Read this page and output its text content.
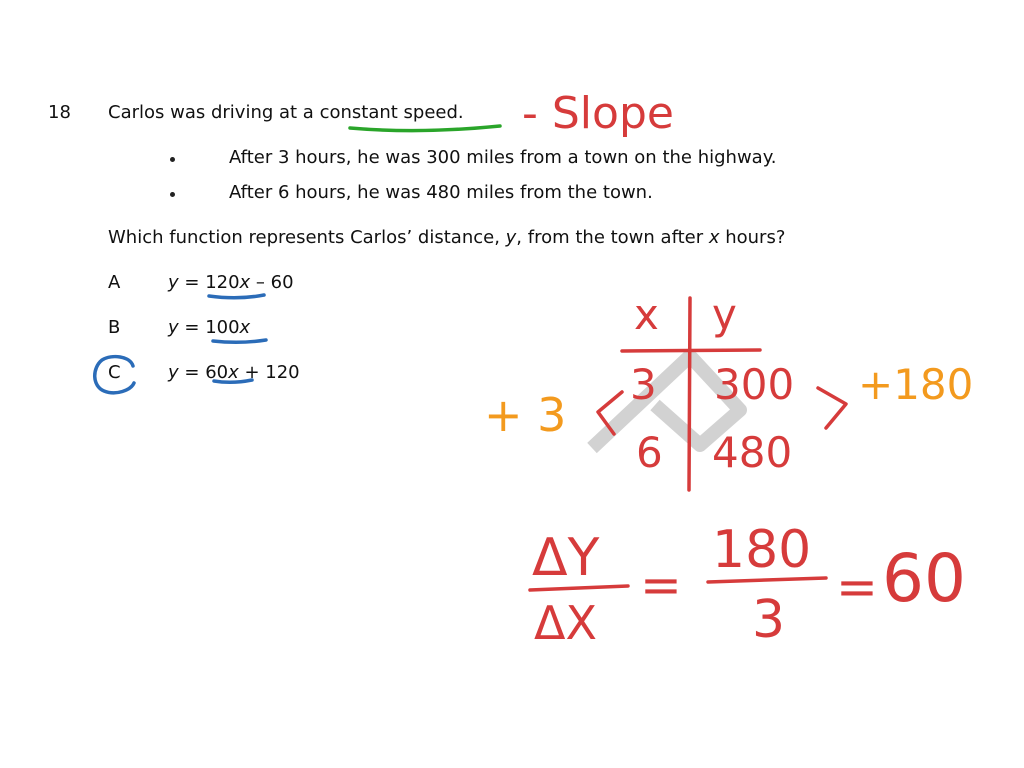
18 Carlos was driving at a constant speed.
After 3 hours, he was 300 miles from a town on the highway.
After 6 hours, he was 480 miles from the town.
Which function represents Carlos’ distance, y, from the town after x hours?
A	y = 120x – 60
B	y = 100x
C	y = 60x + 120
- Slope
x y
3 300
6 480
+ 3
+180
ΔY
ΔX
=
180
3
= 60
